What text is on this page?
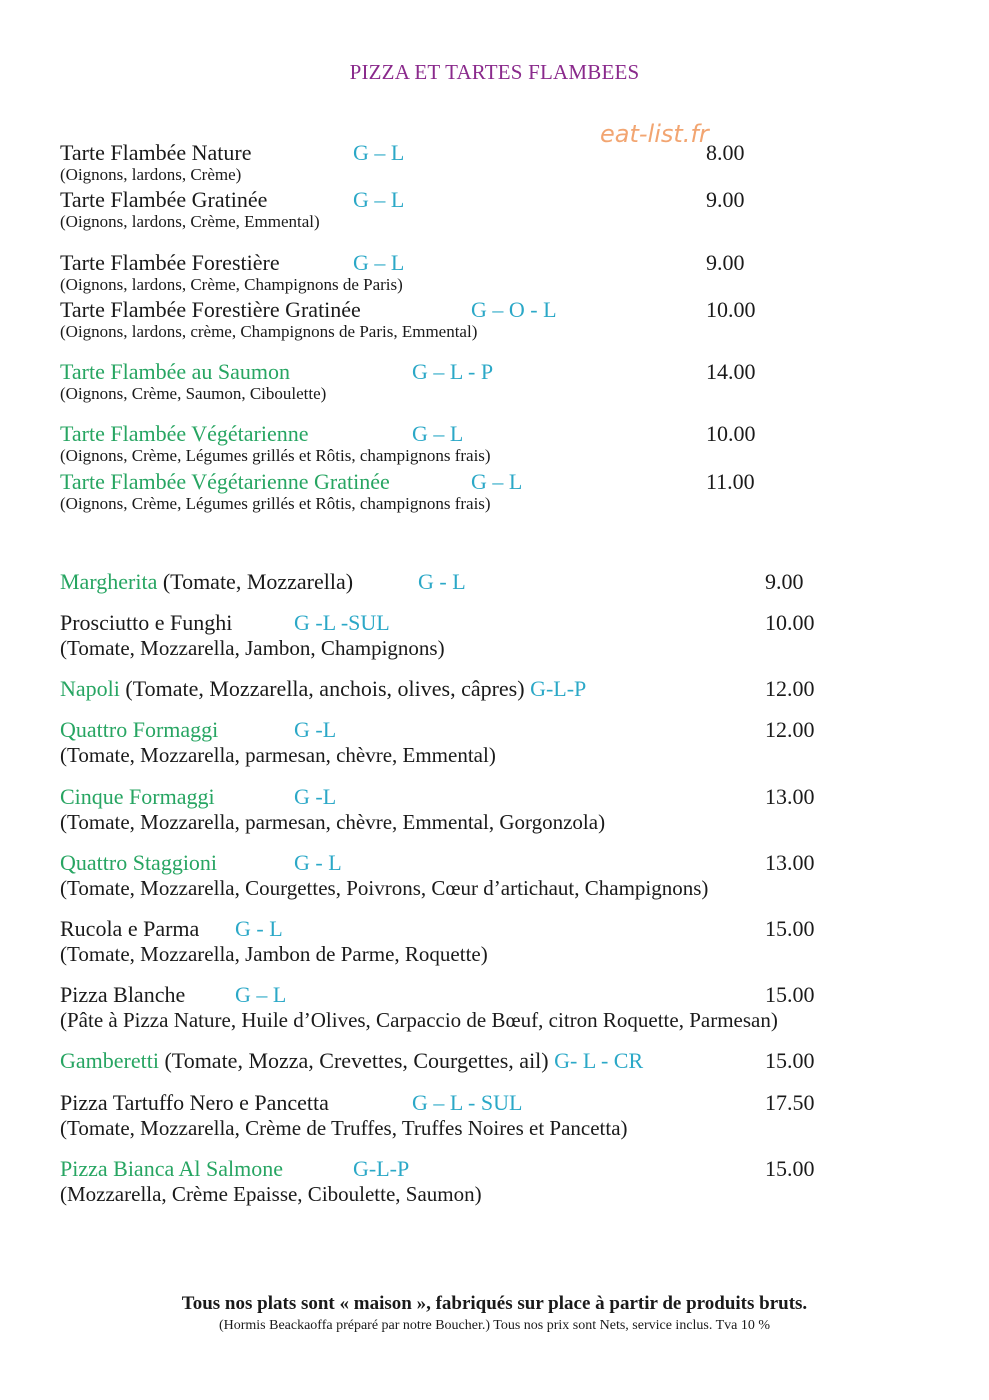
PIZZA ET TARTES FLAMBEES
eat-list.fr
Tarte Flambée Nature	G – L	8.00
(Oignons, lardons, Crème)
Tarte Flambée Gratinée	G – L	9.00
(Oignons, lardons, Crème, Emmental)
Tarte Flambée Forestière	G – L	9.00
(Oignons, lardons, Crème, Champignons de Paris)
Tarte Flambée Forestière Gratinée	G – O - L	10.00
(Oignons, lardons, crème, Champignons de Paris, Emmental)
Tarte Flambée au Saumon	G – L - P	14.00
(Oignons, Crème, Saumon, Ciboulette)
Tarte Flambée Végétarienne	G – L	10.00
(Oignons, Crème, Légumes grillés et Rôtis, champignons frais)
Tarte Flambée Végétarienne Gratinée	G – L	11.00
(Oignons, Crème, Légumes grillés et Rôtis, champignons frais)
Margherita (Tomate, Mozzarella)	G - L	9.00
Prosciutto e Funghi	G -L -SUL	10.00
(Tomate, Mozzarella, Jambon, Champignons)
Napoli (Tomate, Mozzarella, anchois, olives, câpres) G-L-P	12.00
Quattro Formaggi	G -L	12.00
(Tomate, Mozzarella, parmesan, chèvre, Emmental)
Cinque Formaggi	G -L	13.00
(Tomate, Mozzarella, parmesan, chèvre, Emmental, Gorgonzola)
Quattro Staggioni	G - L	13.00
(Tomate, Mozzarella, Courgettes, Poivrons, Cœur d’artichaut, Champignons)
Rucola e Parma G - L	15.00
(Tomate, Mozzarella, Jambon de Parme, Roquette)
Pizza Blanche G – L	15.00
(Pâte à Pizza Nature, Huile d’Olives, Carpaccio de Bœuf, citron Roquette, Parmesan)
Gamberetti (Tomate, Mozza, Crevettes, Courgettes, ail) G- L - CR	15.00
Pizza Tartuffo Nero e Pancetta	G – L - SUL	17.50
(Tomate, Mozzarella, Crème de Truffes, Truffes Noires et Pancetta)
Pizza Bianca Al Salmone	G-L-P	15.00
(Mozzarella, Crème Epaisse, Ciboulette, Saumon)
Tous nos plats sont « maison », fabriqués sur place à partir de produits bruts.
(Hormis Beackaoffa préparé par notre Boucher.) Tous nos prix sont Nets, service inclus. Tva 10 %
